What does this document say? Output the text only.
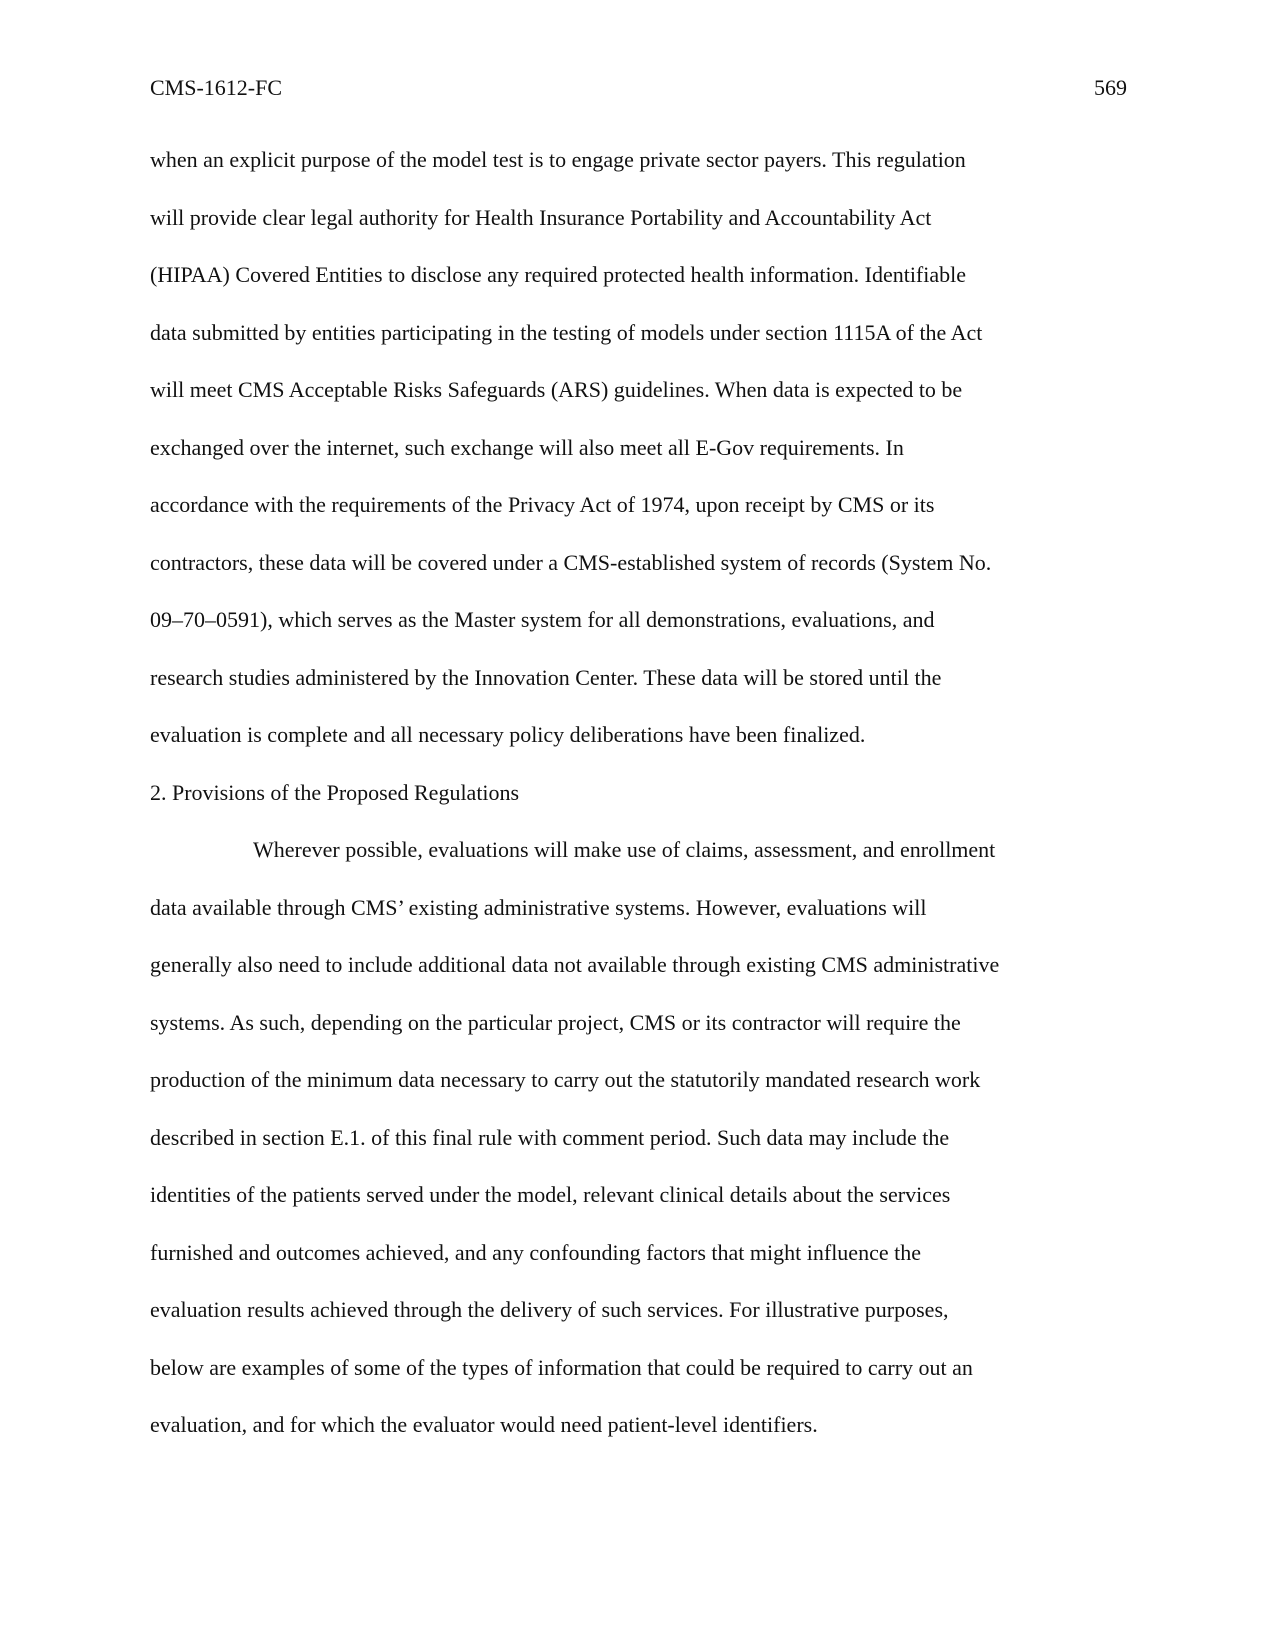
CMS-1612-FC	569
when an explicit purpose of the model test is to engage private sector payers. This regulation
will provide clear legal authority for Health Insurance Portability and Accountability Act
(HIPAA) Covered Entities to disclose any required protected health information. Identifiable
data submitted by entities participating in the testing of models under section 1115A of the Act
will meet CMS Acceptable Risks Safeguards (ARS) guidelines. When data is expected to be
exchanged over the internet, such exchange will also meet all E-Gov requirements. In
accordance with the requirements of the Privacy Act of 1974, upon receipt by CMS or its
contractors, these data will be covered under a CMS-established system of records (System No.
09–70–0591), which serves as the Master system for all demonstrations, evaluations, and
research studies administered by the Innovation Center. These data will be stored until the
evaluation is complete and all necessary policy deliberations have been finalized.
2. Provisions of the Proposed Regulations
Wherever possible, evaluations will make use of claims, assessment, and enrollment
data available through CMS’ existing administrative systems. However, evaluations will
generally also need to include additional data not available through existing CMS administrative
systems. As such, depending on the particular project, CMS or its contractor will require the
production of the minimum data necessary to carry out the statutorily mandated research work
described in section E.1. of this final rule with comment period. Such data may include the
identities of the patients served under the model, relevant clinical details about the services
furnished and outcomes achieved, and any confounding factors that might influence the
evaluation results achieved through the delivery of such services. For illustrative purposes,
below are examples of some of the types of information that could be required to carry out an
evaluation, and for which the evaluator would need patient-level identifiers.
